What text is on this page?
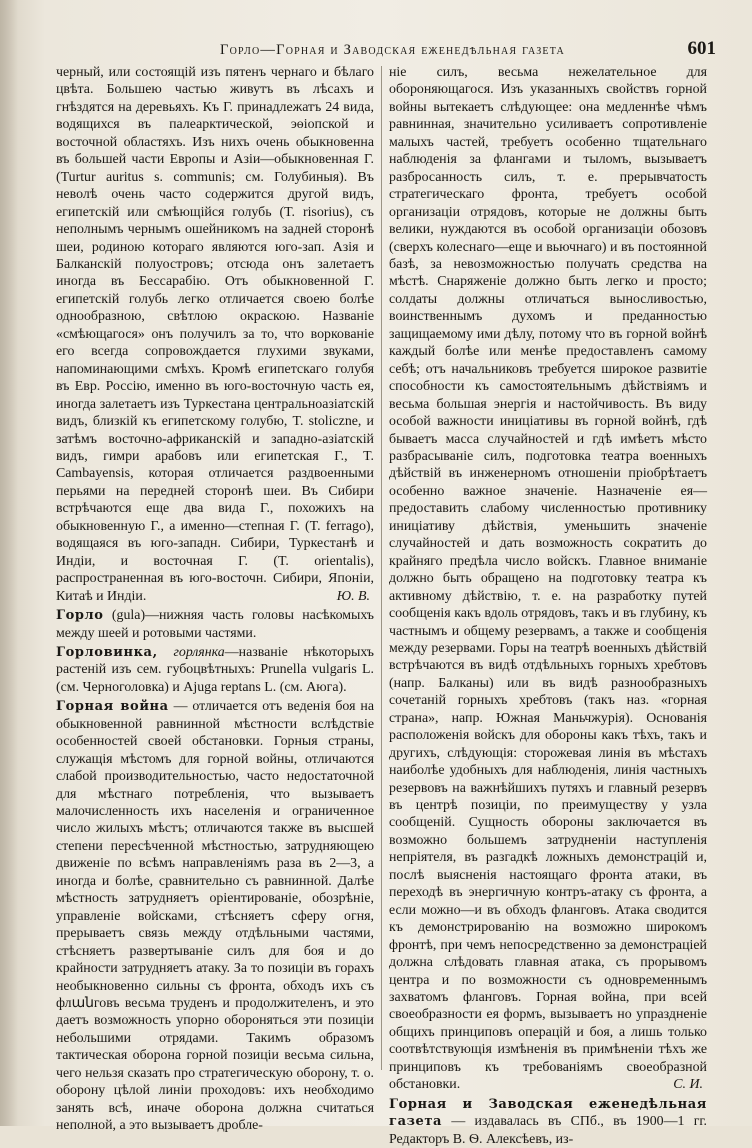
Горло—Горная и Заводская еженедѣльная газета	601

черный, или состоящій изъ пятенъ чернаго и бѣлаго цвѣта. Большею частью живутъ въ лѣсахъ и гнѣздятся на деревьяхъ. Къ Г. принадлежатъ 24 вида, водящихся въ палеарктической, эѳіопской и восточной областяхъ. Изъ нихъ очень обыкновенна въ большей части Европы и Азіи—обыкновенная Г. (Turtur auritus s. communis; см. Голубиныя). Въ неволѣ очень часто содержится другой видъ, египетскій или смѣющійся голубь (T. risorius), съ неполнымъ чернымъ ошейникомъ на задней сторонѣ шеи, родиною котораго являются юго-зап. Азія и Балканскій полуостровъ; отсюда онъ залетаетъ иногда въ Бессарабію. Отъ обыкновенной Г. египетскій голубь легко отличается своею болѣе однообразною, свѣтлою окраскою. Названіе «смѣющагося» онъ получилъ за то, что воркованіе его всегда сопровождается глухими звуками, напоминающими смѣхъ. Кромѣ египетскаго голубя въ Евр. Россію, именно въ юго-восточную часть ея, иногда залетаетъ изъ Туркестана центральноазіатскій видъ, близкій къ египетскому голубю, T. stoliczne, и затѣмъ восточно-африканскій и западно-азіатскій видъ, гимри арабовъ или египетская Г., T. Cambayensis, которая отличается раздвоенными перьями на передней сторонѣ шеи. Въ Сибири встрѣчаются еще два вида Г., похожихъ на обыкновенную Г., а именно—степная Г. (T. ferrago), водящаяся въ юго-западн. Сибири, Туркестанѣ и Индіи, и восточная Г. (T. orientalis), распространенная въ юго-восточн. Сибири, Японіи, Китаѣ и Индіи.	Ю. В.

Горло (gula)—нижняя часть головы насѣкомыхъ между шеей и ротовыми частями.

Горловинка, горлянка—названіе нѣкоторыхъ растеній изъ сем. губоцвѣтныхъ: Prunella vulgaris L. (см. Черноголовка) и Ajuga reptans L. (см. Аюга).

Горная война — отличается отъ веденія боя на обыкновенной равнинной мѣстности вслѣдствіе особенностей своей обстановки. Горныя страны, служащія мѣстомъ для горной войны, отличаются слабой производительностью, часто недостаточной для мѣстнаго потребленія, что вызываетъ малочисленность ихъ населенія и ограниченное число жилыхъ мѣстъ; отличаются также въ высшей степени пересѣченной мѣстностью, затрудняющею движеніе по всѣмъ направленіямъ раза въ 2—3, а иногда и болѣе, сравнительно съ равнинной. Далѣе мѣстность затрудняетъ оріентированіе, обозрѣніе, управленіе войсками, стѣсняетъ сферу огня, прерываетъ связь между отдѣльными частями, стѣсняетъ развертываніе силъ для боя и до крайности затрудняетъ атаку. За то позиціи въ горахъ необыкновенно сильны съ фронта, обходъ ихъ съ флանговъ весьма труденъ и продолжителенъ, и это даетъ возможность упорно обороняться эти позиціи небольшими отрядами. Такимъ образомъ тактическая оборона горной позиціи весьма сильна, чего нельзя сказать про стратегическую оборону, т. о. оборону цѣлой линіи проходовъ: ихъ необходимо занять всѣ, иначе оборона должна считаться неполной, а это вызываетъ дробле-

ніе силъ, весьма нежелательное для обороняющагося. Изъ указанныхъ свойствъ горной войны вытекаетъ слѣдующее: она медленнѣе чѣмъ равнинная, значительно усиливаетъ сопротивленіе малыхъ частей, требуетъ особенно тщательнаго наблюденія за флангами и тыломъ, вызываетъ разбросанность силъ, т. е. прерывчатость стратегическаго фронта, требуетъ особой организаціи отрядовъ, которые не должны быть велики, нуждаются въ особой организаціи обозовъ (сверхъ колеснаго—еще и вьючнаго) и въ постоянной базѣ, за невозможностью получать средства на мѣстѣ. Снаряженіе должно быть легко и просто; солдаты должны отличаться выносливостью, воинственнымъ духомъ и преданностью защищаемому ими дѣлу, потому что въ горной войнѣ каждый болѣе или менѣе предоставленъ самому себѣ; отъ начальниковъ требуется широкое развитіе способности къ самостоятельнымъ дѣйствіямъ и весьма большая энергія и настойчивость. Въ виду особой важности иниціативы въ горной войнѣ, гдѣ бываетъ масса случайностей и гдѣ имѣетъ мѣсто разбрасываніе силъ, подготовка театра военныхъ дѣйствій въ инженерномъ отношеніи пріобрѣтаетъ особенно важное значеніе. Назначеніе ея—предоставить слабому численностью противнику иниціативу дѣйствія, уменьшить значеніе случайностей и дать возможность сократить до крайняго предѣла число войскъ. Главное вниманіе должно быть обращено на подготовку театра къ активному дѣйствію, т. е. на разработку путей сообщенія какъ вдоль отрядовъ, такъ и въ глубину, къ частнымъ и общему резервамъ, а также и сообщенія между резервами. Горы на театрѣ военныхъ дѣйствій встрѣчаются въ видѣ отдѣльныхъ горныхъ хребтовъ (напр. Балканы) или въ видѣ разнообразныхъ сочетаній горныхъ хребтовъ (такъ наз. «горная страна», напр. Южная Маньчжурія). Основанія расположенія войскъ для обороны какъ тѣхъ, такъ и другихъ, слѣдующія: сторожевая линія въ мѣстахъ наиболѣе удобныхъ для наблюденія, линія частныхъ резервовъ на важнѣйшихъ путяхъ и главный резервъ въ центрѣ позиціи, по преимуществу у узла сообщеній. Сущность обороны заключается въ возможно большемъ затрудненіи наступленія непріятеля, въ разгадкѣ ложныхъ демонстрацій и, послѣ выясненія настоящаго фронта атаки, въ переходѣ въ энергичную контръ-атаку съ фронта, а если можно—и въ обходъ фланговъ. Атака сводится къ демонстрированію на возможно широкомъ фронтѣ, при чемъ непосредственно за демонстраціей должна слѣдовать главная атака, съ прорывомъ центра и по возможности съ одновременнымъ захватомъ фланговъ. Горная война, при всей своеобразности ея формъ, вызываетъ но упраздненіе общихъ принциповъ операцій и боя, а лишь только соотвѣтствующія измѣненія въ примѣненіи тѣхъ же принциповъ къ требованіямъ своеобразной обстановки.	С. И.

Горная и Заводская еженедѣльная газета — издавалась въ СПб., въ 1900—1 гг. Редакторъ В. Ѳ. Алексѣевъ, из-
